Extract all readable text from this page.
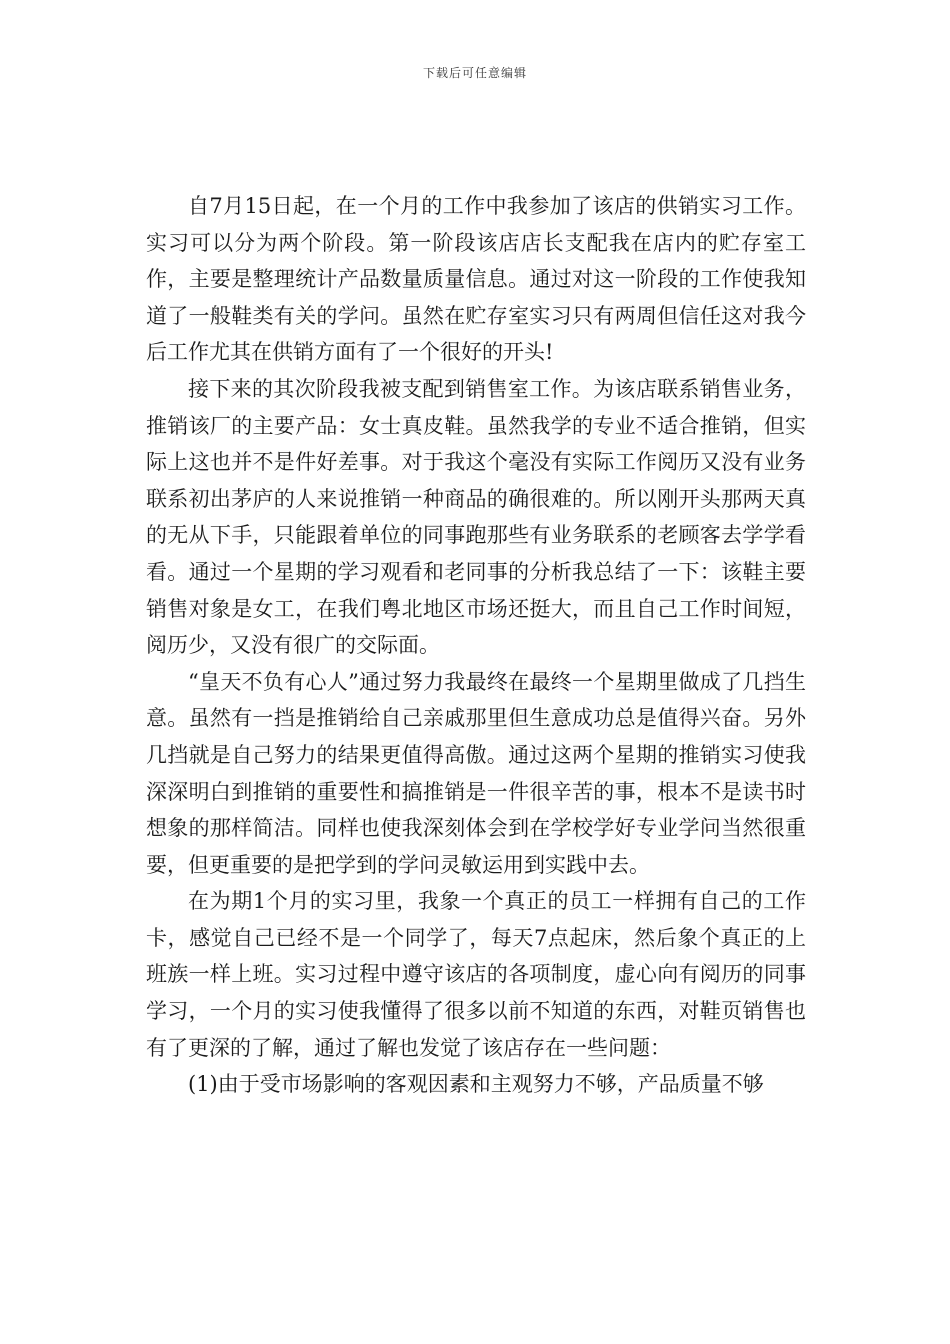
下载后可任意编辑

自7月15日起，在一个月的工作中我参加了该店的供销实习工作。实习可以分为两个阶段。第一阶段该店店长支配我在店内的贮存室工作，主要是整理统计产品数量质量信息。通过对这一阶段的工作使我知道了一般鞋类有关的学问。虽然在贮存室实习只有两周但信任这对我今后工作尤其在供销方面有了一个很好的开头!

接下来的其次阶段我被支配到销售室工作。为该店联系销售业务，推销该厂的主要产品：女士真皮鞋。虽然我学的专业不适合推销，但实际上这也并不是件好差事。对于我这个毫没有实际工作阅历又没有业务联系初出茅庐的人来说推销一种商品的确很难的。所以刚开头那两天真的无从下手，只能跟着单位的同事跑那些有业务联系的老顾客去学学看看。通过一个星期的学习观看和老同事的分析我总结了一下：该鞋主要销售对象是女工，在我们粤北地区市场还挺大，而且自己工作时间短，阅历少，又没有很广的交际面。

“皇天不负有心人”通过努力我最终在最终一个星期里做成了几挡生意。虽然有一挡是推销给自己亲戚那里但生意成功总是值得兴奋。另外几挡就是自己努力的结果更值得高傲。通过这两个星期的推销实习使我深深明白到推销的重要性和搞推销是一件很辛苦的事，根本不是读书时想象的那样简洁。同样也使我深刻体会到在学校学好专业学问当然很重要，但更重要的是把学到的学问灵敏运用到实践中去。

在为期1个月的实习里，我象一个真正的员工一样拥有自己的工作卡，感觉自己已经不是一个同学了，每天7点起床，然后象个真正的上班族一样上班。实习过程中遵守该店的各项制度，虚心向有阅历的同事学习，一个月的实习使我懂得了很多以前不知道的东西，对鞋页销售也有了更深的了解，通过了解也发觉了该店存在一些问题：

(1)由于受市场影响的客观因素和主观努力不够，产品质量不够
